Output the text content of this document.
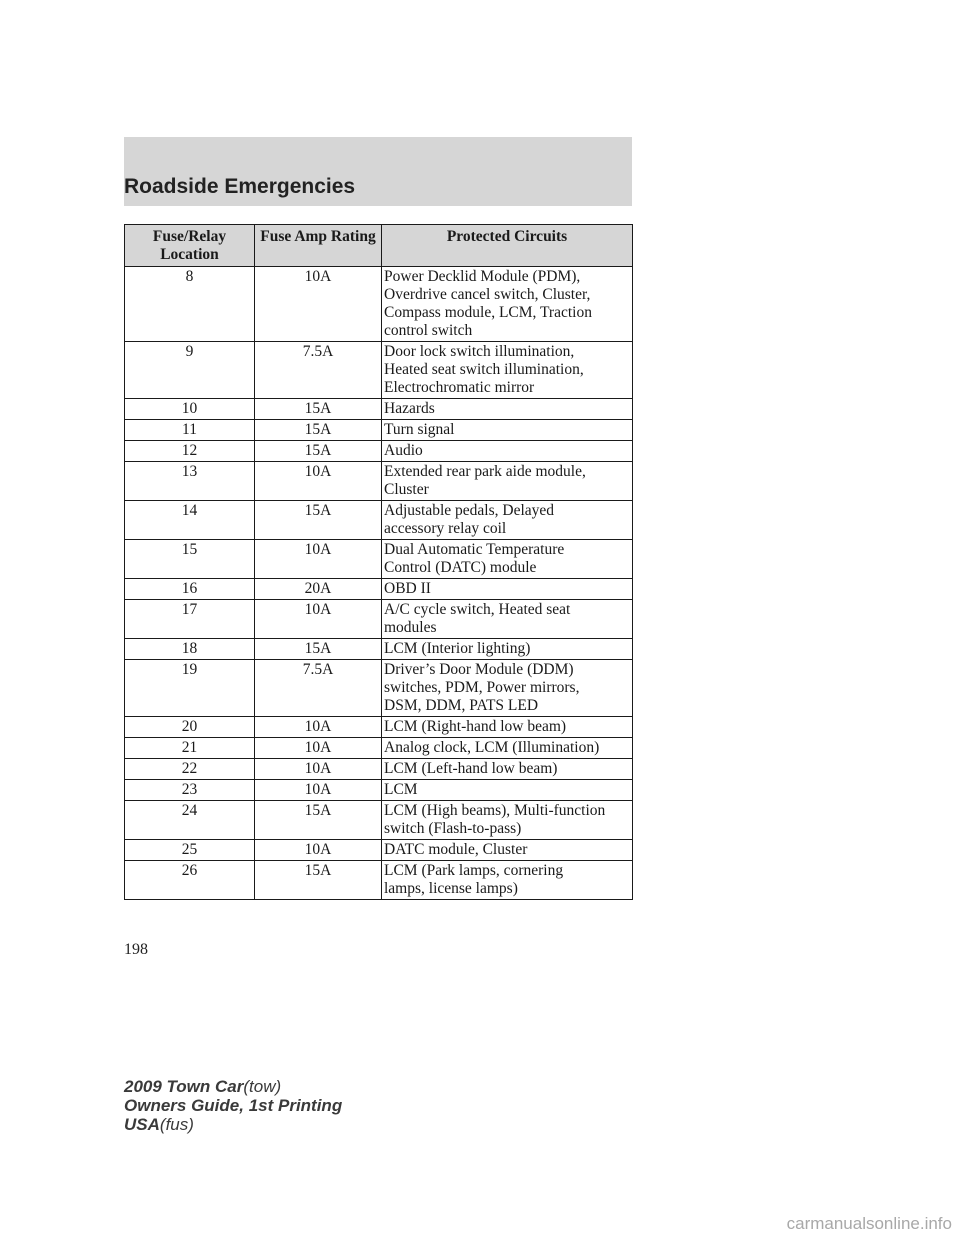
Roadside Emergencies
Fuse/Relay Location	Fuse Amp Rating	Protected Circuits
8	10A	Power Decklid Module (PDM),
Overdrive cancel switch, Cluster,
Compass module, LCM, Traction
control switch

9	7.5A	Door lock switch illumination,
Heated seat switch illumination,
Electrochromatic mirror

10	15A	Hazards

11	15A	Turn signal

12	15A	Audio

13	10A	Extended rear park aide module,
Cluster

14	15A	Adjustable pedals, Delayed
accessory relay coil

15	10A	Dual Automatic Temperature
Control (DATC) module

16	20A	OBD II

17	10A	A/C cycle switch, Heated seat
modules

18	15A	LCM (Interior lighting)

19	7.5A	Driver’s Door Module (DDM)
switches, PDM, Power mirrors,
DSM, DDM, PATS LED

20	10A	LCM (Right-hand low beam)

21	10A	Analog clock, LCM (Illumination)

22	10A	LCM (Left-hand low beam)

23	10A	LCM

24	15A	LCM (High beams), Multi-function
switch (Flash-to-pass)

25	10A	DATC module, Cluster

26	15A	LCM (Park lamps, cornering
lamps, license lamps)
198
2009 Town Car(tow)
Owners Guide, 1st Printing
USA(fus)
carmanualsonline.info
